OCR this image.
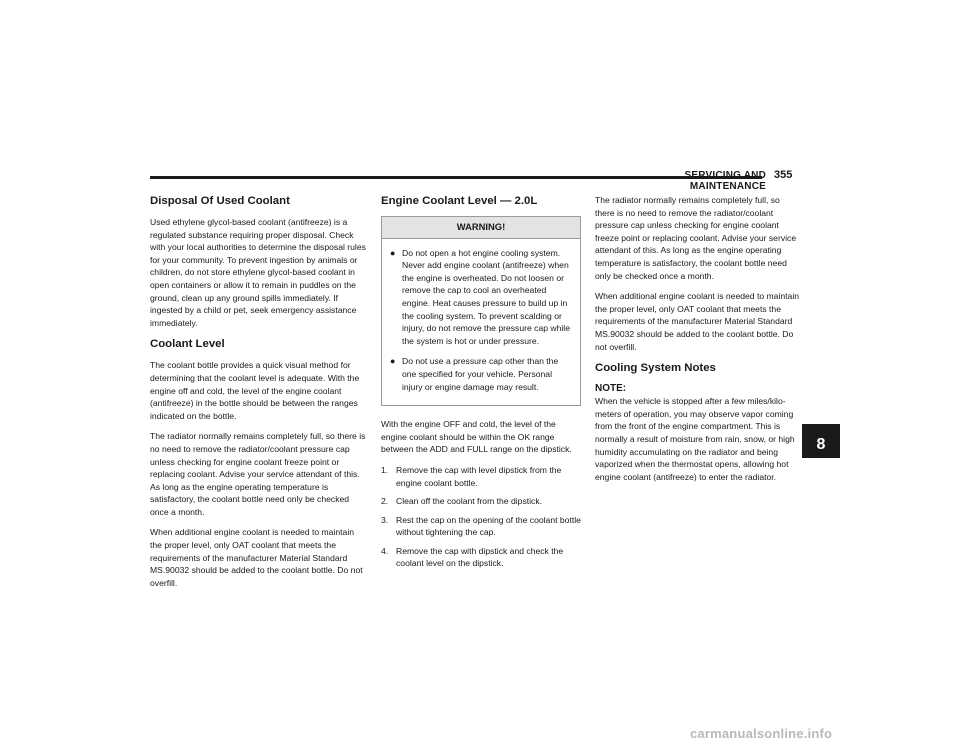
SERVICING AND MAINTENANCE
355
Disposal Of Used Coolant

Used ethylene glycol-based coolant (antifreeze) is a regulated substance requiring proper disposal. Check with your local authorities to determine the disposal rules for your community. To prevent ingestion by animals or children, do not store ethylene glycol-based coolant in open containers or allow it to remain in puddles on the ground, clean up any ground spills immediately. If ingested by a child or pet, seek emergency assistance immediately.

Coolant Level

The coolant bottle provides a quick visual method for determining that the coolant level is adequate. With the engine off and cold, the level of the engine coolant (antifreeze) in the bottle should be between the ranges indicated on the bottle.

The radiator normally remains completely full, so there is no need to remove the radiator/coolant pressure cap unless checking for engine coolant freeze point or replacing coolant. Advise your service attendant of this. As long as the engine operating temperature is satisfactory, the coolant bottle need only be checked once a month.

When additional engine coolant is needed to maintain the proper level, only OAT coolant that meets the requirements of the manufacturer Material Standard MS.90032 should be added to the coolant bottle. Do not overfill.

Engine Coolant Level — 2.0L
WARNING!
● Do not open a hot engine cooling system. Never add engine coolant (antifreeze) when the engine is overheated. Do not loosen or remove the cap to cool an overheated engine. Heat causes pressure to build up in the cooling system. To prevent scalding or injury, do not remove the pressure cap while the system is hot or under pressure.
● Do not use a pressure cap other than the one specified for your vehicle. Personal injury or engine damage may result.

With the engine OFF and cold, the level of the engine coolant should be within the OK range between the ADD and FULL range on the dipstick.

1. Remove the cap with level dipstick from the engine coolant bottle.
2. Clean off the coolant from the dipstick.
3. Rest the cap on the opening of the coolant bottle without tightening the cap.
4. Remove the cap with dipstick and check the coolant level on the dipstick.

The radiator normally remains completely full, so there is no need to remove the radiator/coolant pressure cap unless checking for engine coolant freeze point or replacing coolant. Advise your service attendant of this. As long as the engine operating temperature is satisfactory, the coolant bottle need only be checked once a month.

When additional engine coolant is needed to maintain the proper level, only OAT coolant that meets the requirements of the manufacturer Material Standard MS.90032 should be added to the coolant bottle. Do not overfill.

Cooling System Notes
NOTE:

When the vehicle is stopped after a few miles/kilo-meters of operation, you may observe vapor coming from the front of the engine compartment. This is normally a result of moisture from rain, snow, or high humidity accumulating on the radiator and being vaporized when the thermostat opens, allowing hot engine coolant (antifreeze) to enter the radiator.

8
carmanualsonline.info
